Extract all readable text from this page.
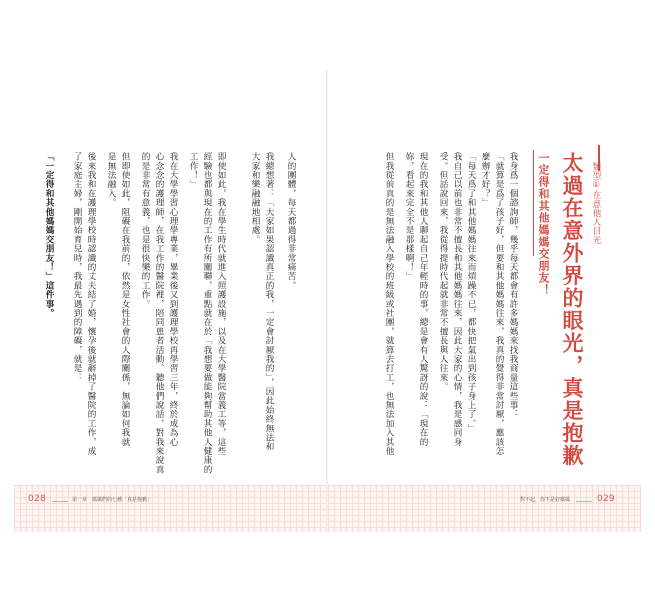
028	第一章　媽媽們的七種「真是抱歉」	對不起，你不是好媽媽	029
類型①在意他人目光
太過在意外界的眼光，真是抱歉
一定得和其他媽媽交朋友！
我身爲一個諮詢師，幾乎每天都會有許多媽媽來找我商量這些事：
「就算是爲了孩子好，但要和其他媽媽往來，我真的覺得非常討厭，應該怎
麼辦才好？」
「每天爲了和其他媽媽往來而煩躁不已，都快把氣出到孩子身上了。」
我自己以前也非常不擅長和其他媽媽往來，因此大家的心情，我是感同身
受。但話說回來，我從得提時代起就非常不擅長與人往來。
現在的我和其他人聊起自己年輕時的事，總是會有人驚訝的說：「現在的
妳，看起來完全不是那樣啊！」
但我從前真的是無法融入學校的班級或社團，就算去打工，也無法加入其他
人的團體，每天都過得非常痛苦。
我總想著：「大家如果認識真正的我，一定會討厭我的」，因此始終無法和
大家和樂融融地相處。
即使如此，我在學生時代就進入照護設施，以及在大學醫院當義工等，這些
經驗也都與現在的工作有所關聯，重點就在於「我想要做能夠幫助其他人健康的
工作！」
我在大學學習心理學專業，畢業後又到護理學校再學習三年，終於成為心
心念念的護理師，在我工作的醫院裡，陪同患者活動、聽他們說話，對我來說真
的是非常有意義，也是很快樂的工作。
但即使如此，阻礙在我前的，依然是女性社會的人際關係，無論如何我就
是無法融入。
後來我和在護理學校時認識的丈夫結了婚，懷孕後就辭掉了醫院的工作，成
了家庭主婦，剛開始育兒時，我最先遇到的障礙，就是：
「一定得和其他媽媽交朋友！」這件事。
